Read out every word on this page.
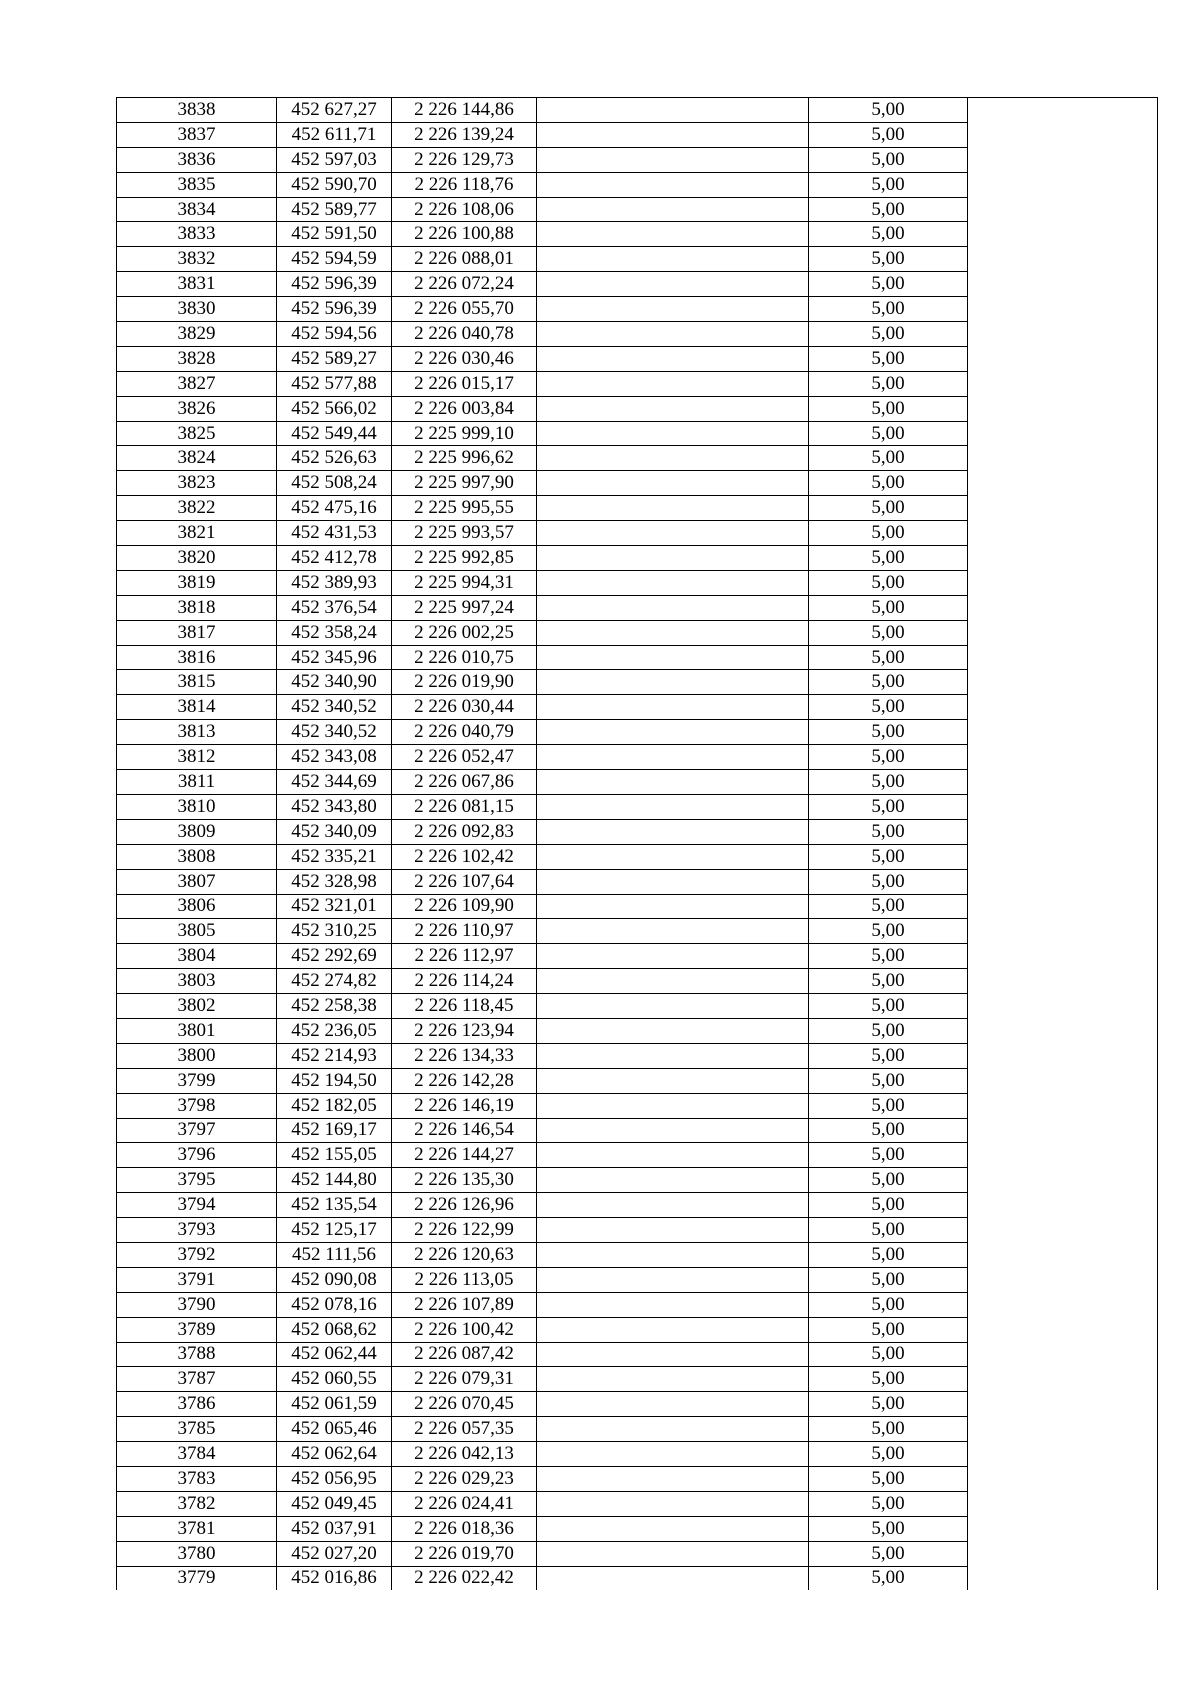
3838	452 627,27	2 226 144,86		5,00	
3837	452 611,71	2 226 139,24		5,00	
3836	452 597,03	2 226 129,73		5,00	
3835	452 590,70	2 226 118,76		5,00	
3834	452 589,77	2 226 108,06		5,00	
3833	452 591,50	2 226 100,88		5,00	
3832	452 594,59	2 226 088,01		5,00	
3831	452 596,39	2 226 072,24		5,00	
3830	452 596,39	2 226 055,70		5,00	
3829	452 594,56	2 226 040,78		5,00	
3828	452 589,27	2 226 030,46		5,00	
3827	452 577,88	2 226 015,17		5,00	
3826	452 566,02	2 226 003,84		5,00	
3825	452 549,44	2 225 999,10		5,00	
3824	452 526,63	2 225 996,62		5,00	
3823	452 508,24	2 225 997,90		5,00	
3822	452 475,16	2 225 995,55		5,00	
3821	452 431,53	2 225 993,57		5,00	
3820	452 412,78	2 225 992,85		5,00	
3819	452 389,93	2 225 994,31		5,00	
3818	452 376,54	2 225 997,24		5,00	
3817	452 358,24	2 226 002,25		5,00	
3816	452 345,96	2 226 010,75		5,00	
3815	452 340,90	2 226 019,90		5,00	
3814	452 340,52	2 226 030,44		5,00	
3813	452 340,52	2 226 040,79		5,00	
3812	452 343,08	2 226 052,47		5,00	
3811	452 344,69	2 226 067,86		5,00	
3810	452 343,80	2 226 081,15		5,00	
3809	452 340,09	2 226 092,83		5,00	
3808	452 335,21	2 226 102,42		5,00	
3807	452 328,98	2 226 107,64		5,00	
3806	452 321,01	2 226 109,90		5,00	
3805	452 310,25	2 226 110,97		5,00	
3804	452 292,69	2 226 112,97		5,00	
3803	452 274,82	2 226 114,24		5,00	
3802	452 258,38	2 226 118,45		5,00	
3801	452 236,05	2 226 123,94		5,00	
3800	452 214,93	2 226 134,33		5,00	
3799	452 194,50	2 226 142,28		5,00	
3798	452 182,05	2 226 146,19		5,00	
3797	452 169,17	2 226 146,54		5,00	
3796	452 155,05	2 226 144,27		5,00	
3795	452 144,80	2 226 135,30		5,00	
3794	452 135,54	2 226 126,96		5,00	
3793	452 125,17	2 226 122,99		5,00	
3792	452 111,56	2 226 120,63		5,00	
3791	452 090,08	2 226 113,05		5,00	
3790	452 078,16	2 226 107,89		5,00	
3789	452 068,62	2 226 100,42		5,00	
3788	452 062,44	2 226 087,42		5,00	
3787	452 060,55	2 226 079,31		5,00	
3786	452 061,59	2 226 070,45		5,00	
3785	452 065,46	2 226 057,35		5,00	
3784	452 062,64	2 226 042,13		5,00	
3783	452 056,95	2 226 029,23		5,00	
3782	452 049,45	2 226 024,41		5,00	
3781	452 037,91	2 226 018,36		5,00	
3780	452 027,20	2 226 019,70		5,00	
3779	452 016,86	2 226 022,42		5,00	
